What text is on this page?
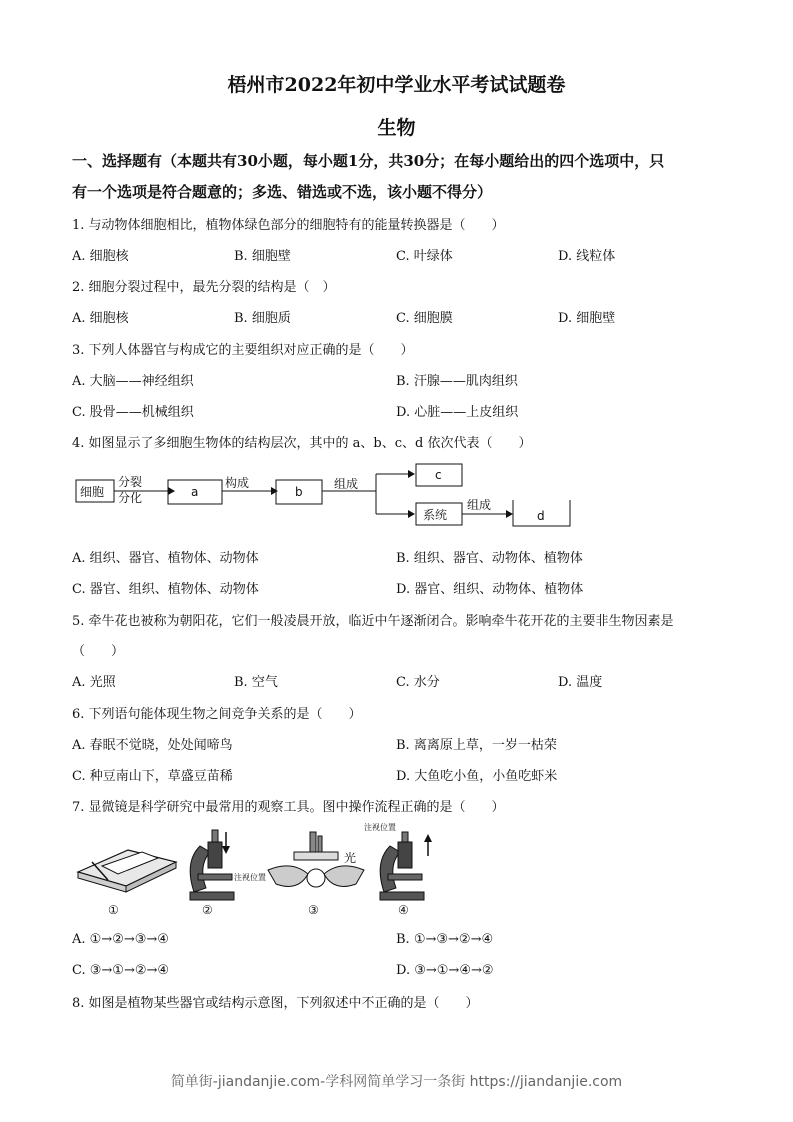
梧州市2022年初中学业水平考试试题卷
生物
一、选择题有（本题共有30小题，每小题1分，共30分；在每小题给出的四个选项中，只
有一个选项是符合题意的；多选、错选或不选，该小题不得分）
1. 与动物体细胞相比，植物体绿色部分的细胞特有的能量转换器是（　　）
A. 细胞核	B. 细胞壁	C. 叶绿体	D. 线粒体
2. 细胞分裂过程中，最先分裂的结构是（　）
A. 细胞核	B. 细胞质	C. 细胞膜	D. 细胞壁
3. 下列人体器官与构成它的主要组织对应正确的是（　　）
A. 大脑——神经组织	B. 汗腺——肌肉组织
C. 股骨——机械组织	D. 心脏——上皮组织
4. 如图显示了多细胞生物体的结构层次，其中的 a、b、c、d 依次代表（　　）
细胞
分裂
分化	a
构成
b
组成
c
系统
组成
d
A. 组织、器官、植物体、动物体	B. 组织、器官、动物体、植物体
C. 器官、组织、植物体、动物体	D. 器官、组织、动物体、植物体
5. 牵牛花也被称为朝阳花，它们一般凌晨开放，临近中午逐渐闭合。影响牵牛花开花的主要非生物因素是
（　　）
A. 光照	B. 空气	C. 水分	D. 温度
6. 下列语句能体现生物之间竞争关系的是（　　）
A. 春眠不觉晓，处处闻啼鸟	B. 离离原上草，一岁一枯荣
C. 种豆南山下，草盛豆苗稀	D. 大鱼吃小鱼，小鱼吃虾米
7. 显微镜是科学研究中最常用的观察工具。图中操作流程正确的是（　　）
①
注视位置
②
光
③
注视位置
④
A. ①→②→③→④	B. ①→③→②→④
C. ③→①→②→④	D. ③→①→④→②
8. 如图是植物某些器官或结构示意图，下列叙述中不正确的是（　　）
简单街-jiandanjie.com-学科网简单学习一条街 https://jiandanjie.com
